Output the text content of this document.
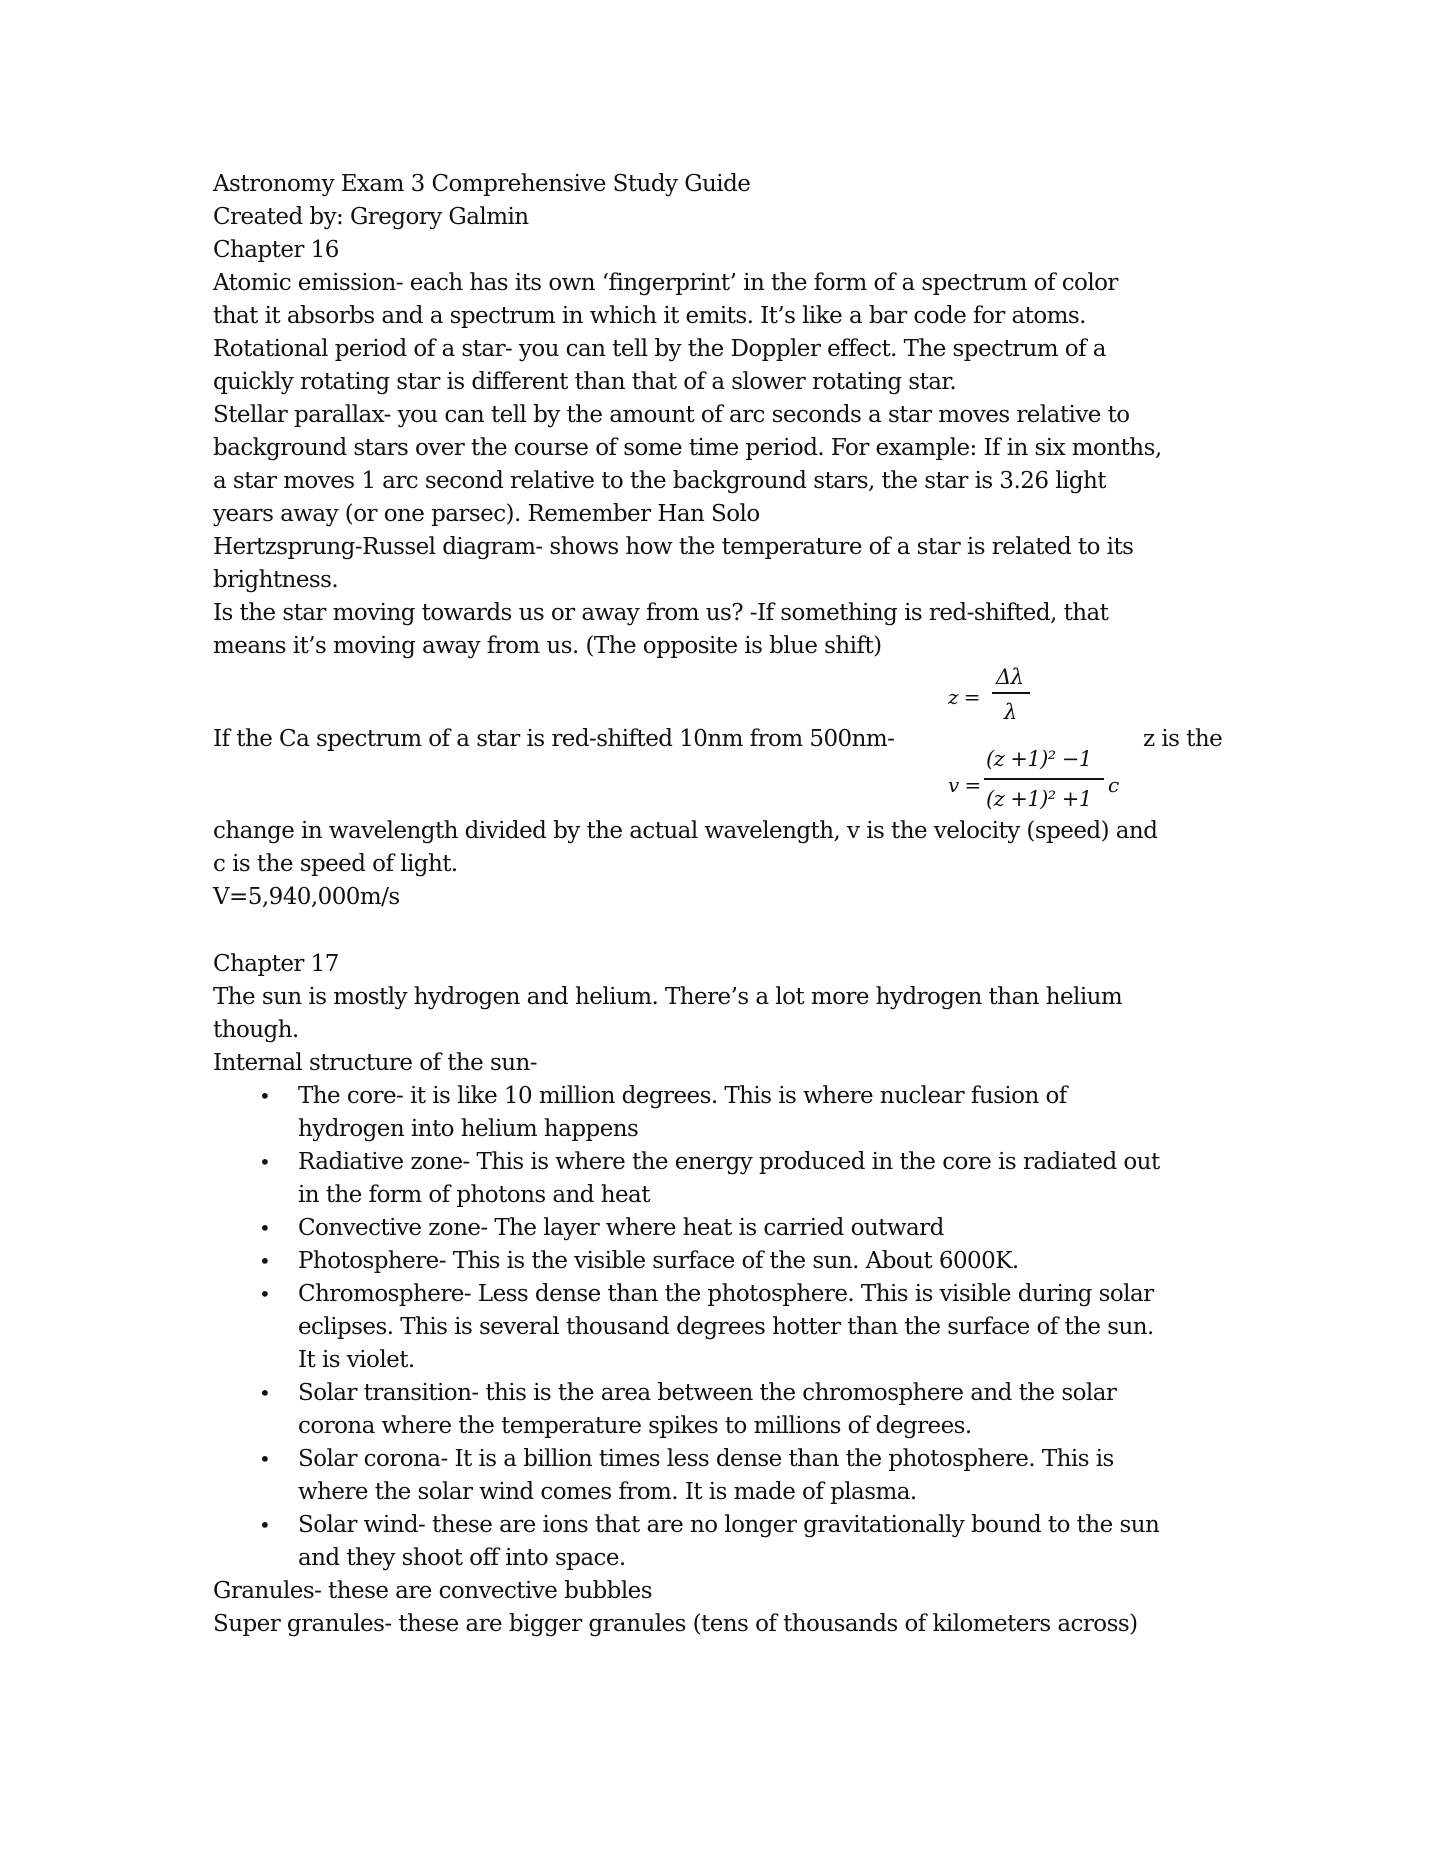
Astronomy Exam 3 Comprehensive Study Guide
Created by: Gregory Galmin
Chapter 16
Atomic emission- each has its own ‘fingerprint’ in the form of a spectrum of color
that it absorbs and a spectrum in which it emits. It’s like a bar code for atoms.
Rotational period of a star- you can tell by the Doppler effect. The spectrum of a
quickly rotating star is different than that of a slower rotating star.
Stellar parallax- you can tell by the amount of arc seconds a star moves relative to
background stars over the course of some time period. For example: If in six months,
a star moves 1 arc second relative to the background stars, the star is 3.26 light
years away (or one parsec). Remember Han Solo
Hertzsprung-Russel diagram- shows how the temperature of a star is related to its
brightness.
Is the star moving towards us or away from us? -If something is red-shifted, that
means it’s moving away from us. (The opposite is blue shift)
If the Ca spectrum of a star is red-shifted 10nm from 500nm-	z is the
z =
Δλ
λ
v =
(z +1)² −1
(z +1)² +1
c
change in wavelength divided by the actual wavelength, v is the velocity (speed) and
c is the speed of light.
V=5,940,000m/s
Chapter 17
The sun is mostly hydrogen and helium. There’s a lot more hydrogen than helium
though.
Internal structure of the sun-
• The core- it is like 10 million degrees. This is where nuclear fusion of
hydrogen into helium happens
• Radiative zone- This is where the energy produced in the core is radiated out
in the form of photons and heat
• Convective zone- The layer where heat is carried outward
• Photosphere- This is the visible surface of the sun. About 6000K.
• Chromosphere- Less dense than the photosphere. This is visible during solar
eclipses. This is several thousand degrees hotter than the surface of the sun.
It is violet.
• Solar transition- this is the area between the chromosphere and the solar
corona where the temperature spikes to millions of degrees.
• Solar corona- It is a billion times less dense than the photosphere. This is
where the solar wind comes from. It is made of plasma.
• Solar wind- these are ions that are no longer gravitationally bound to the sun
and they shoot off into space.
Granules- these are convective bubbles
Super granules- these are bigger granules (tens of thousands of kilometers across)
